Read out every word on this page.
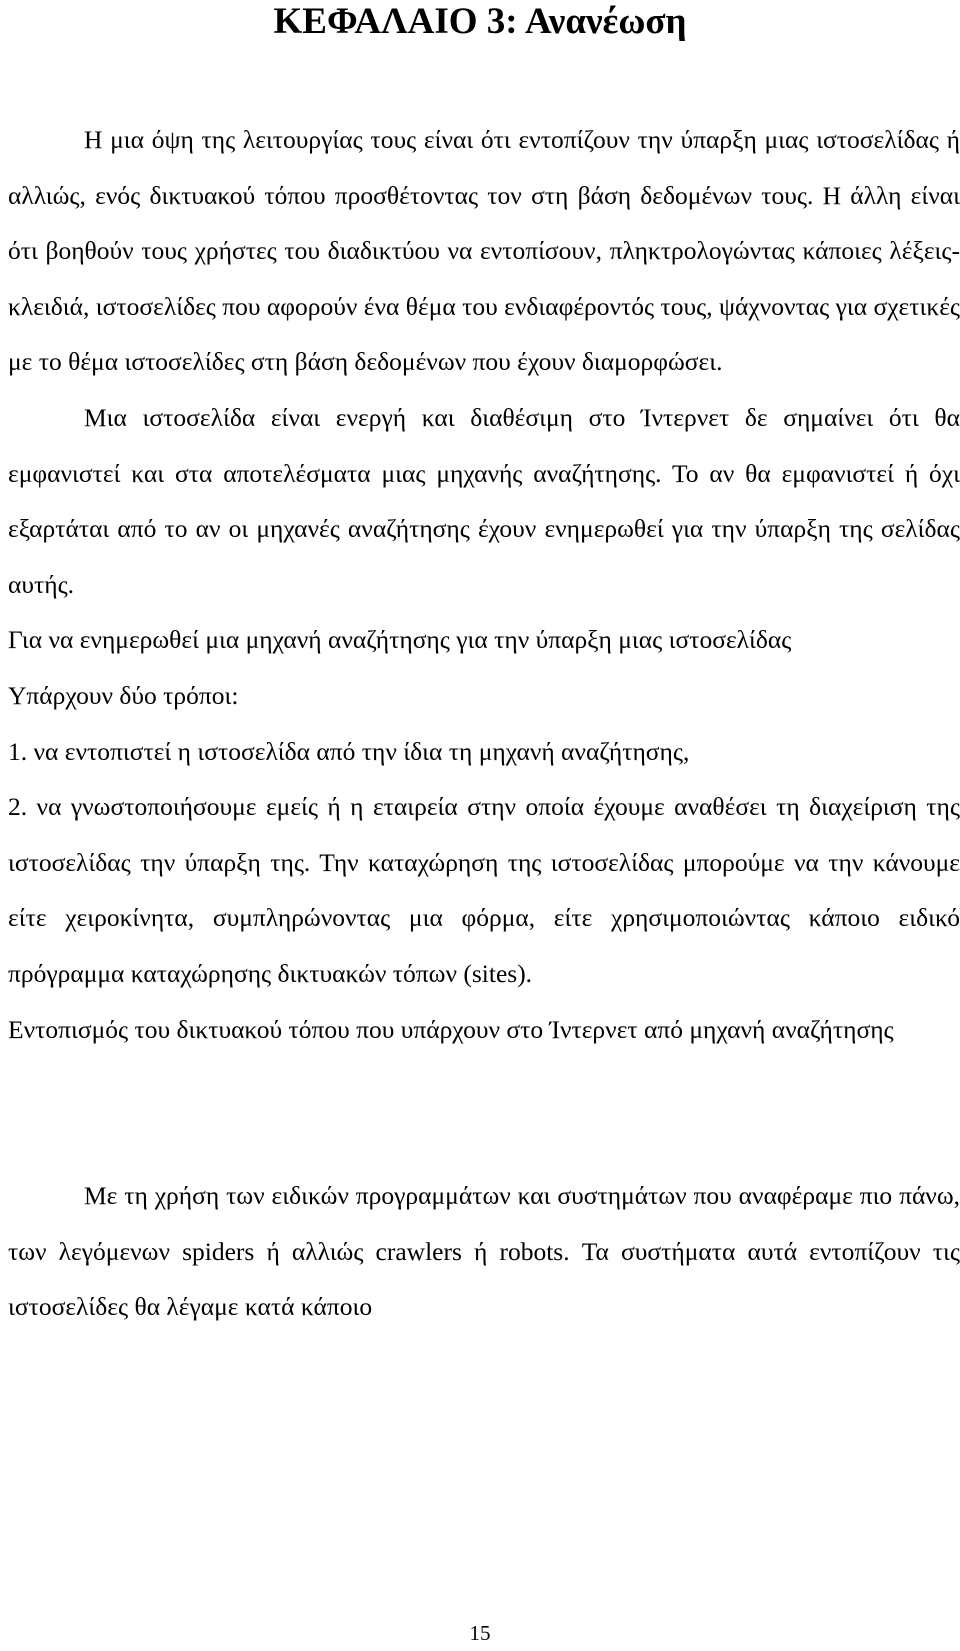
ΚΕΦΑΛΑΙΟ 3: Ανανέωση

Η μια όψη της λειτουργίας τους είναι ότι εντοπίζουν την ύπαρξη μιας ιστοσελίδας ή αλλιώς, ενός δικτυακού τόπου προσθέτοντας τον στη βάση δεδομένων τους. Η άλλη είναι ότι βοηθούν τους χρήστες του διαδικτύου να εντοπίσουν, πληκτρολογώντας κάποιες λέξεις-κλειδιά, ιστοσελίδες που αφορούν ένα θέμα του ενδιαφέροντός τους, ψάχνοντας για σχετικές με το θέμα ιστοσελίδες στη βάση δεδομένων που έχουν διαμορφώσει.

Μια ιστοσελίδα είναι ενεργή και διαθέσιμη στο Ίντερνετ δε σημαίνει ότι θα εμφανιστεί και στα αποτελέσματα μιας μηχανής αναζήτησης. Το αν θα εμφανιστεί ή όχι εξαρτάται από το αν οι μηχανές αναζήτησης έχουν ενημερωθεί για την ύπαρξη της σελίδας αυτής.

Για να ενημερωθεί μια μηχανή αναζήτησης για την ύπαρξη μιας ιστοσελίδας

Υπάρχουν δύο τρόποι:

1. να εντοπιστεί η ιστοσελίδα από την ίδια τη μηχανή αναζήτησης,

2. να γνωστοποιήσουμε εμείς ή η εταιρεία στην οποία έχουμε αναθέσει τη διαχείριση της ιστοσελίδας την ύπαρξη της. Την καταχώρηση της ιστοσελίδας μπορούμε να την κάνουμε είτε χειροκίνητα, συμπληρώνοντας μια φόρμα, είτε χρησιμοποιώντας κάποιο ειδικό πρόγραμμα καταχώρησης δικτυακών τόπων (sites).

Εντοπισμός του δικτυακού τόπου που υπάρχουν στο Ίντερνετ από μηχανή αναζήτησης

Με τη χρήση των ειδικών προγραμμάτων και συστημάτων που αναφέραμε πιο πάνω, των λεγόμενων spiders ή αλλιώς crawlers ή robots. Τα συστήματα αυτά εντοπίζουν τις ιστοσελίδες θα λέγαμε κατά κάποιο

15
